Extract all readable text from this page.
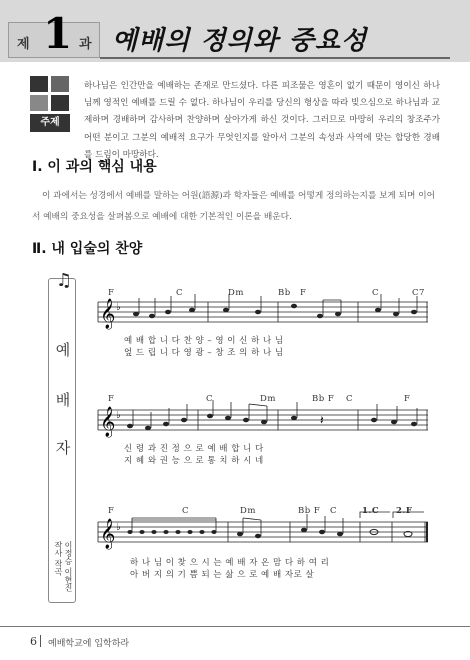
제 1 과 예배의 정의와 중요성
주제
하나님은 인간만을 예배하는 존재로 만드셨다. 다른 피조물은 영혼이 없기 때문이 영이신 하나님께 영적인 예배를 드릴 수 없다. 하나님이 우리를 당신의 형상을 따라 빚으심으로 하나님과 교제하며 경배하며 감사하며 찬양하며 살아가게 하신 것이다. 그러므로 마땅히 우리의 창조주가 어떤 분이고 그분의 예배적 요구가 무엇인지를 알아서 그분의 속성과 사역에 맞는 합당한 경배를 드림이 마땅하다.
Ⅰ. 이 과의 핵심 내용
이 과에서는 성경에서 예배를 말하는 어원(語源)과 학자들은 예배를 어떻게 정의하는지를 보게 되며 이어서 예배의 중요성을 살펴봄으로 예배에 대한 기본적인 이론을 배운다.
Ⅱ. 내 입술의 찬양
예
배
자
작사 작곡 이정승 이현진
♫
𝄞 ♭
F	C	Dm	Bb F	C	C7
예 배 합 니 다 찬 양 – 영 이 신 하 나 님
엎 드 립 니 다 영 광 – 창 조 의 하 나 님
𝄞 ♭	𝄽
F	C	Dm	Bb F C	F
신 령 과 진 정 으 로 예 배 합 니 다
지 혜 와 권 능 으 로 통 치 하 시 네
𝄞 ♭
F	C	Dm	Bb F C	1.C 2.F
하 나 님 이 찾 으 시 는 예 배 자 온 맘 다 하 여 리
아 버 지 의 기 쁨 되 는 삶 으 로 예 배 자로 살
6 예배학교에 입학하라
